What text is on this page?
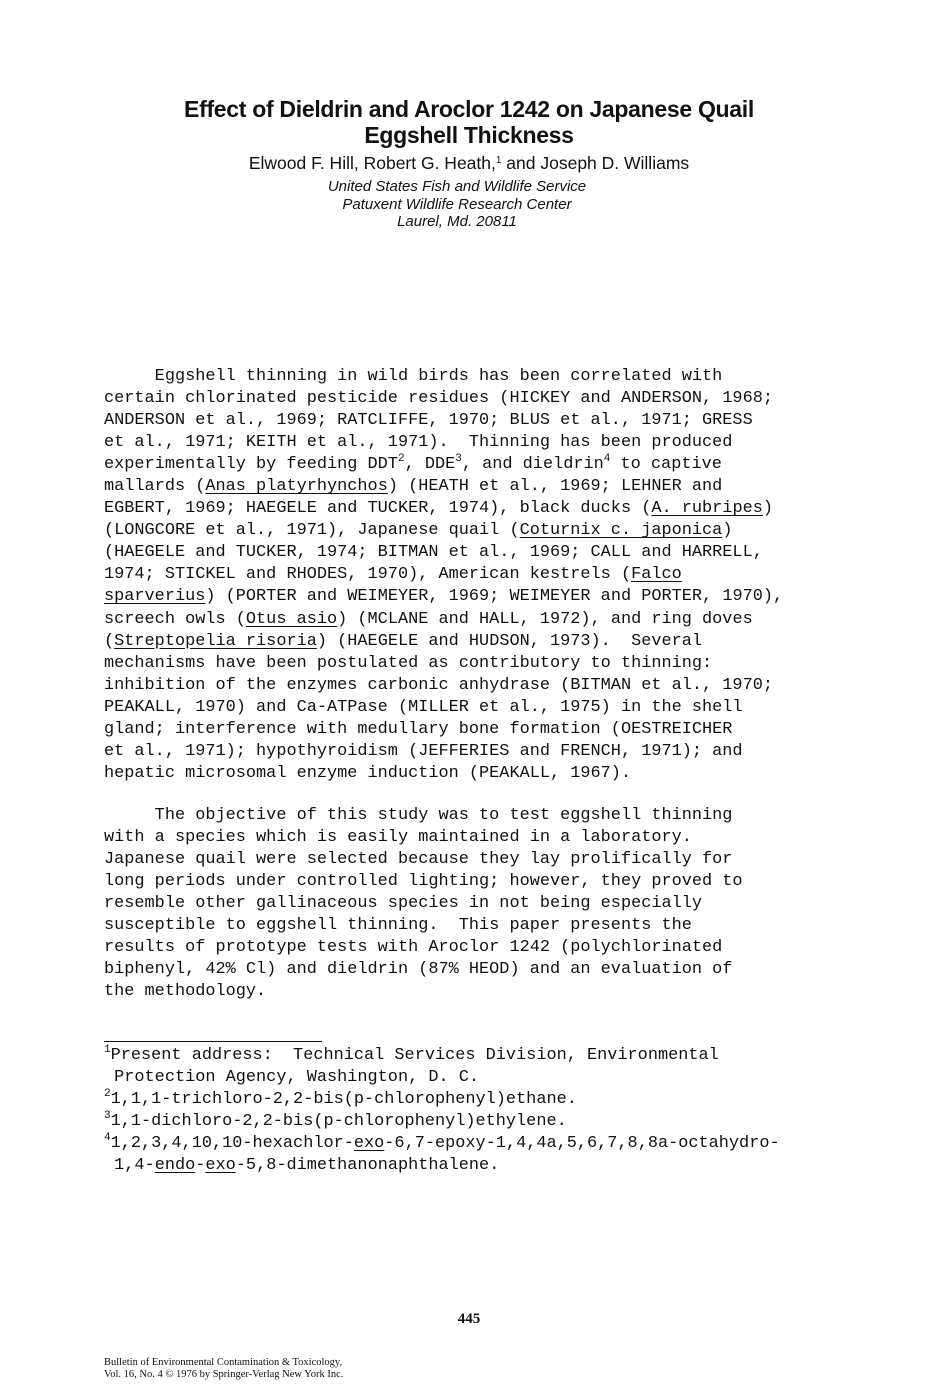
Effect of Dieldrin and Aroclor 1242 on Japanese Quail
Eggshell Thickness
Elwood F. Hill, Robert G. Heath,$^1$ and Joseph D. Williams
United States Fish and Wildlife Service
Patuxent Wildlife Research Center
Laurel, Md. 20811
Eggshell thinning in wild birds has been correlated with
certain chlorinated pesticide residues (HICKEY and ANDERSON, 1968;
ANDERSON et al., 1969; RATCLIFFE, 1970; BLUS et al., 1971; GRESS
et al., 1971; KEITH et al., 1971).  Thinning has been produced
experimentally by feeding DDT$^2$, DDE$^3$, and dieldrin$^4$ to captive
mallards (Anas platyrhynchos) (HEATH et al., 1969; LEHNER and
EGBERT, 1969; HAEGELE and TUCKER, 1974), black ducks (A. rubripes)
(LONGCORE et al., 1971), Japanese quail (Coturnix c. japonica)
(HAEGELE and TUCKER, 1974; BITMAN et al., 1969; CALL and HARRELL,
1974; STICKEL and RHODES, 1970), American kestrels (Falco
sparverius) (PORTER and WEIMEYER, 1969; WEIMEYER and PORTER, 1970),
screech owls (Otus asio) (MCLANE and HALL, 1972), and ring doves
(Streptopelia risoria) (HAEGELE and HUDSON, 1973).  Several
mechanisms have been postulated as contributory to thinning:
inhibition of the enzymes carbonic anhydrase (BITMAN et al., 1970;
PEAKALL, 1970) and Ca-ATPase (MILLER et al., 1975) in the shell
gland; interference with medullary bone formation (OESTREICHER
et al., 1971); hypothyroidism (JEFFERIES and FRENCH, 1971); and
hepatic microsomal enzyme induction (PEAKALL, 1967).
The objective of this study was to test eggshell thinning
with a species which is easily maintained in a laboratory.
Japanese quail were selected because they lay prolifically for
long periods under controlled lighting; however, they proved to
resemble other gallinaceous species in not being especially
susceptible to eggshell thinning.  This paper presents the
results of prototype tests with Aroclor 1242 (polychlorinated
biphenyl, 42% Cl) and dieldrin (87% HEOD) and an evaluation of
the methodology.
$^1$Present address:  Technical Services Division, Environmental
Protection Agency, Washington, D. C.
$^2$1,1,1-trichloro-2,2-bis(p-chlorophenyl)ethane.
$^3$1,1-dichloro-2,2-bis(p-chlorophenyl)ethylene.
$^4$1,2,3,4,10,10-hexachlor-exo-6,7-epoxy-1,4,4a,5,6,7,8,8a-octahydro-
1,4-endo-exo-5,8-dimethanonaphthalene.
445
Bulletin of Environmental Contamination & Toxicology,
Vol. 16, No. 4 © 1976 by Springer-Verlag New York Inc.
